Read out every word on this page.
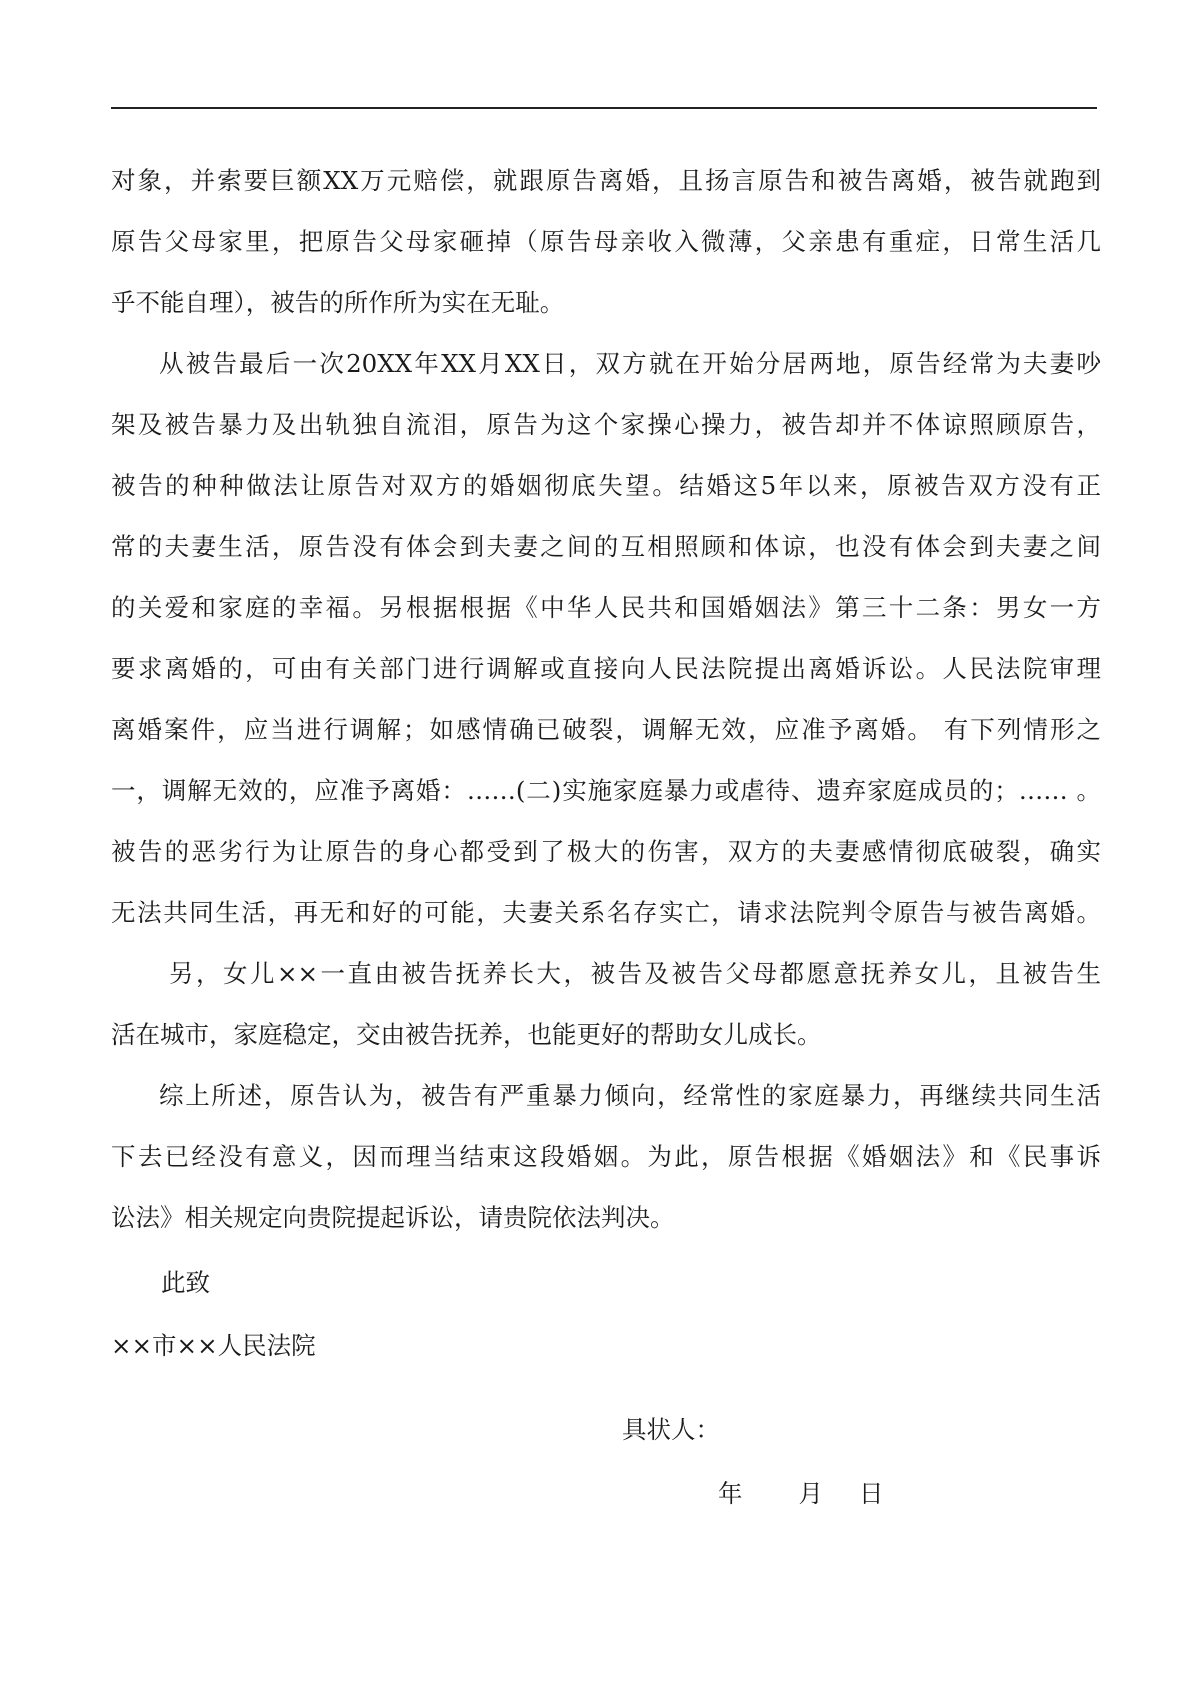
对象，并索要巨额XX万元赔偿，就跟原告离婚，且扬言原告和被告离婚，被告就跑到
原告父母家里，把原告父母家砸掉（原告母亲收入微薄，父亲患有重症，日常生活几
乎不能自理），被告的所作所为实在无耻。
从被告最后一次20XX年XX月XX日，双方就在开始分居两地，原告经常为夫妻吵
架及被告暴力及出轨独自流泪，原告为这个家操心操力，被告却并不体谅照顾原告，
被告的种种做法让原告对双方的婚姻彻底失望。结婚这5年以来，原被告双方没有正
常的夫妻生活，原告没有体会到夫妻之间的互相照顾和体谅，也没有体会到夫妻之间
的关爱和家庭的幸福。另根据根据《中华人民共和国婚姻法》第三十二条：男女一方
要求离婚的，可由有关部门进行调解或直接向人民法院提出离婚诉讼。人民法院审理
离婚案件，应当进行调解；如感情确已破裂，调解无效，应准予离婚。 有下列情形之
一，调解无效的，应准予离婚：……(二)实施家庭暴力或虐待、遗弃家庭成员的；…… 。
被告的恶劣行为让原告的身心都受到了极大的伤害，双方的夫妻感情彻底破裂，确实
无法共同生活，再无和好的可能，夫妻关系名存实亡，请求法院判令原告与被告离婚。
另，女儿××一直由被告抚养长大，被告及被告父母都愿意抚养女儿，且被告生
活在城市，家庭稳定，交由被告抚养，也能更好的帮助女儿成长。
综上所述，原告认为，被告有严重暴力倾向，经常性的家庭暴力，再继续共同生活
下去已经没有意义，因而理当结束这段婚姻。为此，原告根据《婚姻法》和《民事诉
讼法》相关规定向贵院提起诉讼，请贵院依法判决。
此致
××市××人民法院
具状人：
年 月 日
